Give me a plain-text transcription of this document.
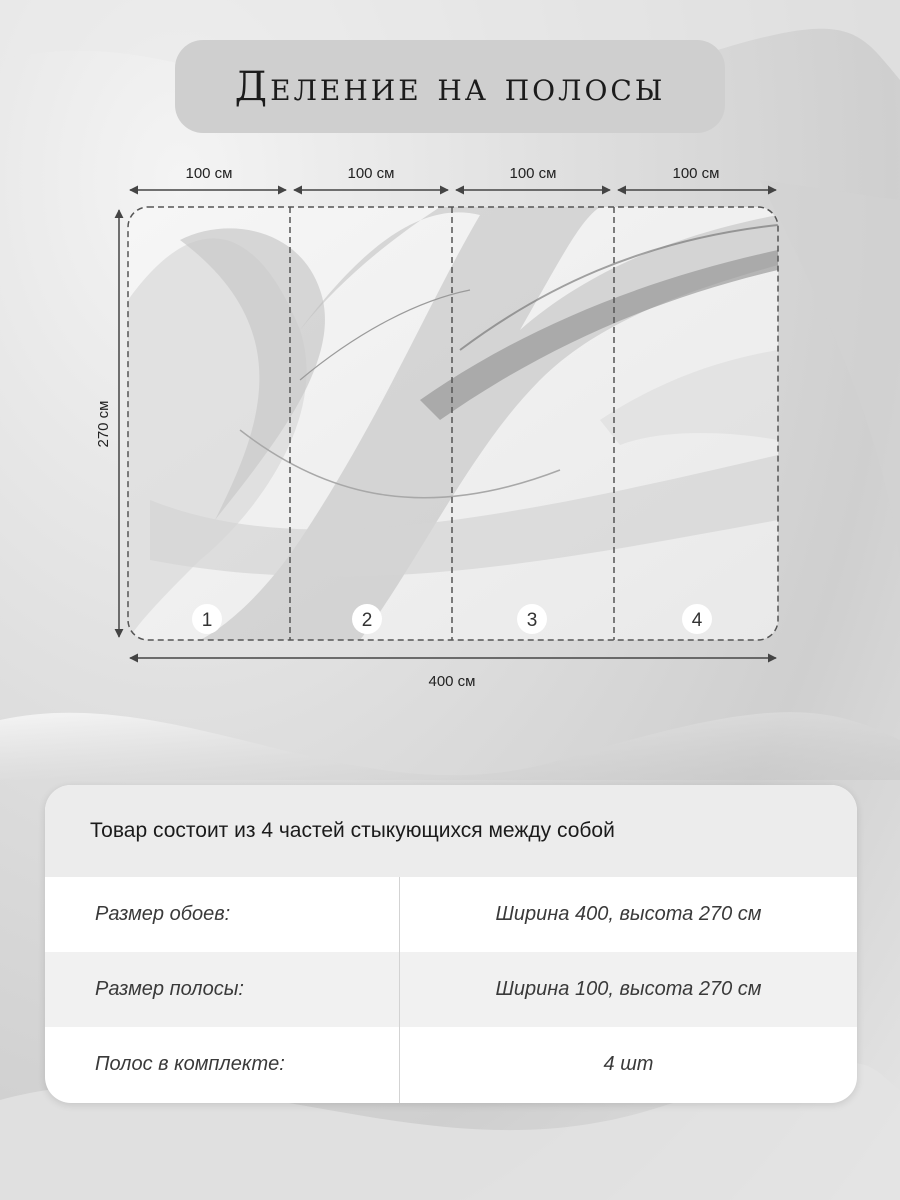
Деление на полосы
100 см	100 см	100 см	100 см
270 см
400 см
1	2	3	4
Товар состоит из 4 частей стыкующихся между собой
Размер обоев:	Ширина 400, высота 270 см
Размер полосы:	Ширина 100, высота 270 см
Полос в комплекте:	4 шт
